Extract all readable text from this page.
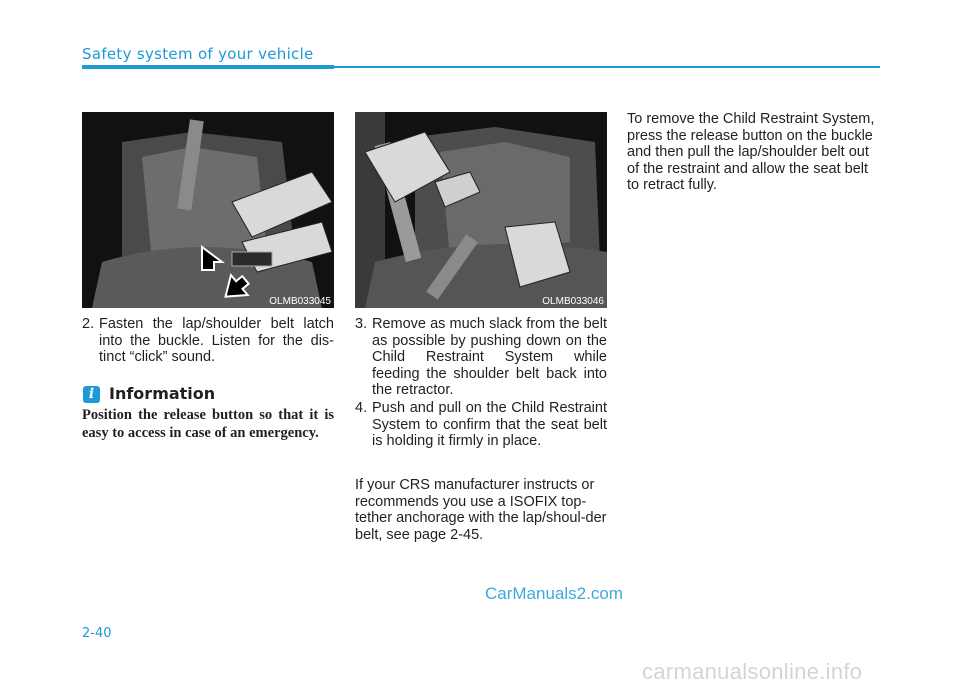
Safety system of your vehicle
OLMB033045	OLMB033046
2. Fasten the lap/shoulder belt latch into the buckle. Listen for the dis-tinct “click” sound.
i Information
Position the release button so that it is easy to access in case of an emergency.
3. Remove as much slack from the belt as possible by pushing down on the Child Restraint System while feeding the shoulder belt back into the retractor.
4. Push and pull on the Child Restraint System to confirm that the seat belt is holding it firmly in place.
If your CRS manufacturer instructs or recommends you use a ISOFIX top-tether anchorage with the lap/shoul-der belt, see page 2-45.
To remove the Child Restraint System, press the release button on the buckle and then pull the lap/shoulder belt out of the restraint and allow the seat belt to retract fully.
CarManuals2.com
2-40
carmanualsonline.info
